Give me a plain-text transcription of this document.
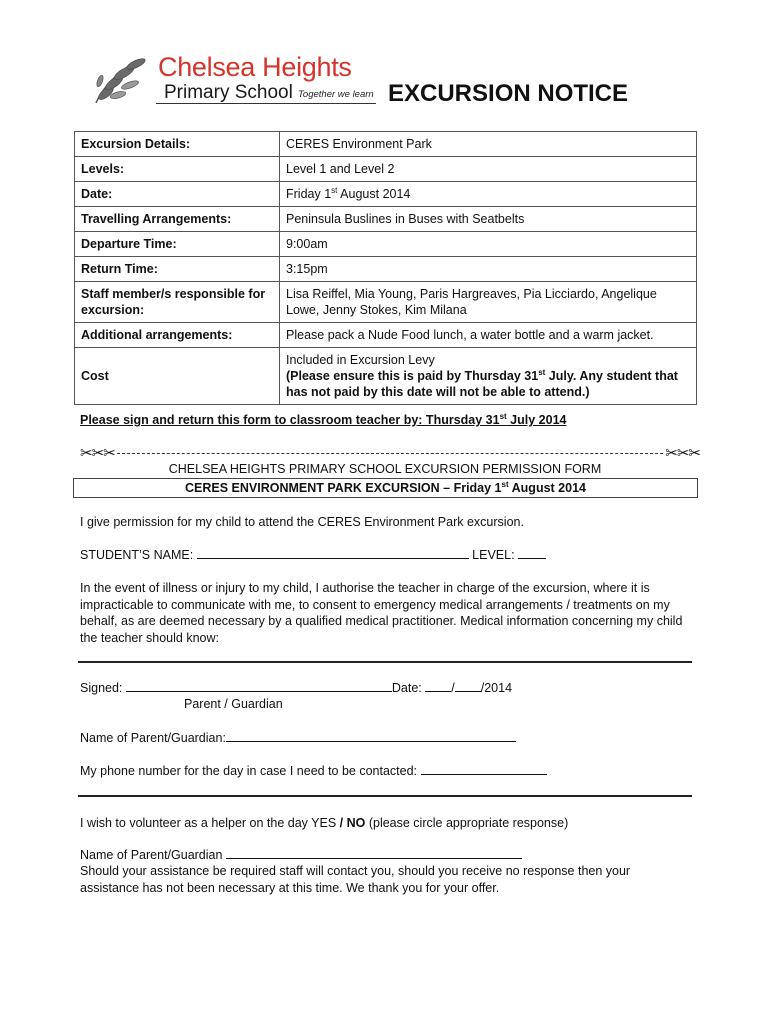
Chelsea Heights
Primary School Together we learn EXCURSION NOTICE
Excursion Details:	CERES Environment Park
Levels:	Level 1 and Level 2
Date:	Friday 1st August 2014
Travelling Arrangements:	Peninsula Buslines in Buses with Seatbelts
Departure Time:	9:00am
Return Time:	3:15pm
Staff member/s responsible for excursion:	Lisa Reiffel, Mia Young, Paris Hargreaves, Pia Licciardo, Angelique Lowe, Jenny Stokes, Kim Milana
Additional arrangements:	Please pack a Nude Food lunch, a water bottle and a warm jacket.
Cost	Included in Excursion Levy
(Please ensure this is paid by Thursday 31st July. Any student that has not paid by this date will not be able to attend.)
Please sign and return this form to classroom teacher by: Thursday 31st July 2014
✂✂✂	✂✂✂
CHELSEA HEIGHTS PRIMARY SCHOOL EXCURSION PERMISSION FORM
CERES ENVIRONMENT PARK EXCURSION – Friday 1st August 2014
I give permission for my child to attend the CERES Environment Park excursion.
STUDENT’S NAME:	LEVEL:
In the event of illness or injury to my child, I authorise the teacher in charge of the excursion, where it is impracticable to communicate with me, to consent to emergency medical arrangements / treatments on my behalf, as are deemed necessary by a qualified medical practitioner. Medical information concerning my child the teacher should know:
Signed:	Date: / /2014
Parent / Guardian
Name of Parent/Guardian:
My phone number for the day in case I need to be contacted:
I wish to volunteer as a helper on the day YES / NO (please circle appropriate response)
Name of Parent/Guardian
Should your assistance be required staff will contact you, should you receive no response then your assistance has not been necessary at this time. We thank you for your offer.
